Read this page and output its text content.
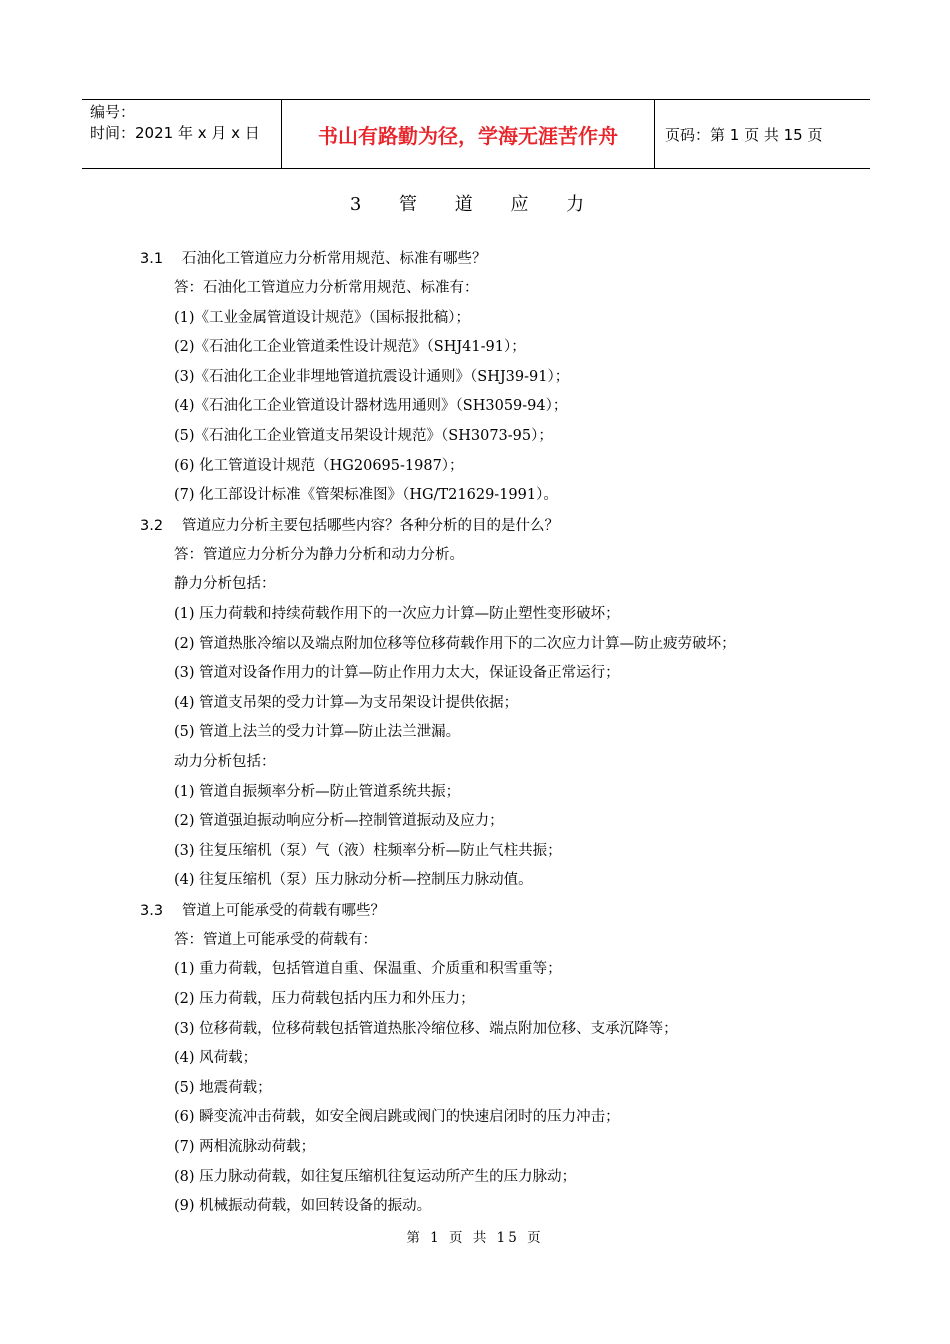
编号：
时间：2021 年 x 月 x 日	书山有路勤为径，学海无涯苦作舟	页码：第 1 页 共 15 页
3 管 道 应 力
3.1 石油化工管道应力分析常用规范、标准有哪些？
答：石油化工管道应力分析常用规范、标准有：
(1)《工业金属管道设计规范》（国标报批稿）；
(2)《石油化工企业管道柔性设计规范》（SHJ41-91）；
(3)《石油化工企业非埋地管道抗震设计通则》（SHJ39-91）；
(4)《石油化工企业管道设计器材选用通则》（SH3059-94）；
(5)《石油化工企业管道支吊架设计规范》（SH3073-95）；
(6) 化工管道设计规范（HG20695-1987）；
(7) 化工部设计标准《管架标准图》（HG/T21629-1991）。
3.2 管道应力分析主要包括哪些内容？各种分析的目的是什么？
答：管道应力分析分为静力分析和动力分析。
静力分析包括：
(1) 压力荷载和持续荷载作用下的一次应力计算—防止塑性变形破坏；
(2) 管道热胀冷缩以及端点附加位移等位移荷载作用下的二次应力计算—防止疲劳破坏；
(3) 管道对设备作用力的计算—防止作用力太大，保证设备正常运行；
(4) 管道支吊架的受力计算—为支吊架设计提供依据；
(5) 管道上法兰的受力计算—防止法兰泄漏。
动力分析包括：
(1) 管道自振频率分析—防止管道系统共振；
(2) 管道强迫振动响应分析—控制管道振动及应力；
(3) 往复压缩机（泵）气（液）柱频率分析—防止气柱共振；
(4) 往复压缩机（泵）压力脉动分析—控制压力脉动值。
3.3 管道上可能承受的荷载有哪些？
答：管道上可能承受的荷载有：
(1) 重力荷载，包括管道自重、保温重、介质重和积雪重等；
(2) 压力荷载，压力荷载包括内压力和外压力；
(3) 位移荷载，位移荷载包括管道热胀冷缩位移、端点附加位移、支承沉降等；
(4) 风荷载；
(5) 地震荷载；
(6) 瞬变流冲击荷载，如安全阀启跳或阀门的快速启闭时的压力冲击；
(7) 两相流脉动荷载；
(8) 压力脉动荷载，如往复压缩机往复运动所产生的压力脉动；
(9) 机械振动荷载，如回转设备的振动。
第 1 页 共 15 页
